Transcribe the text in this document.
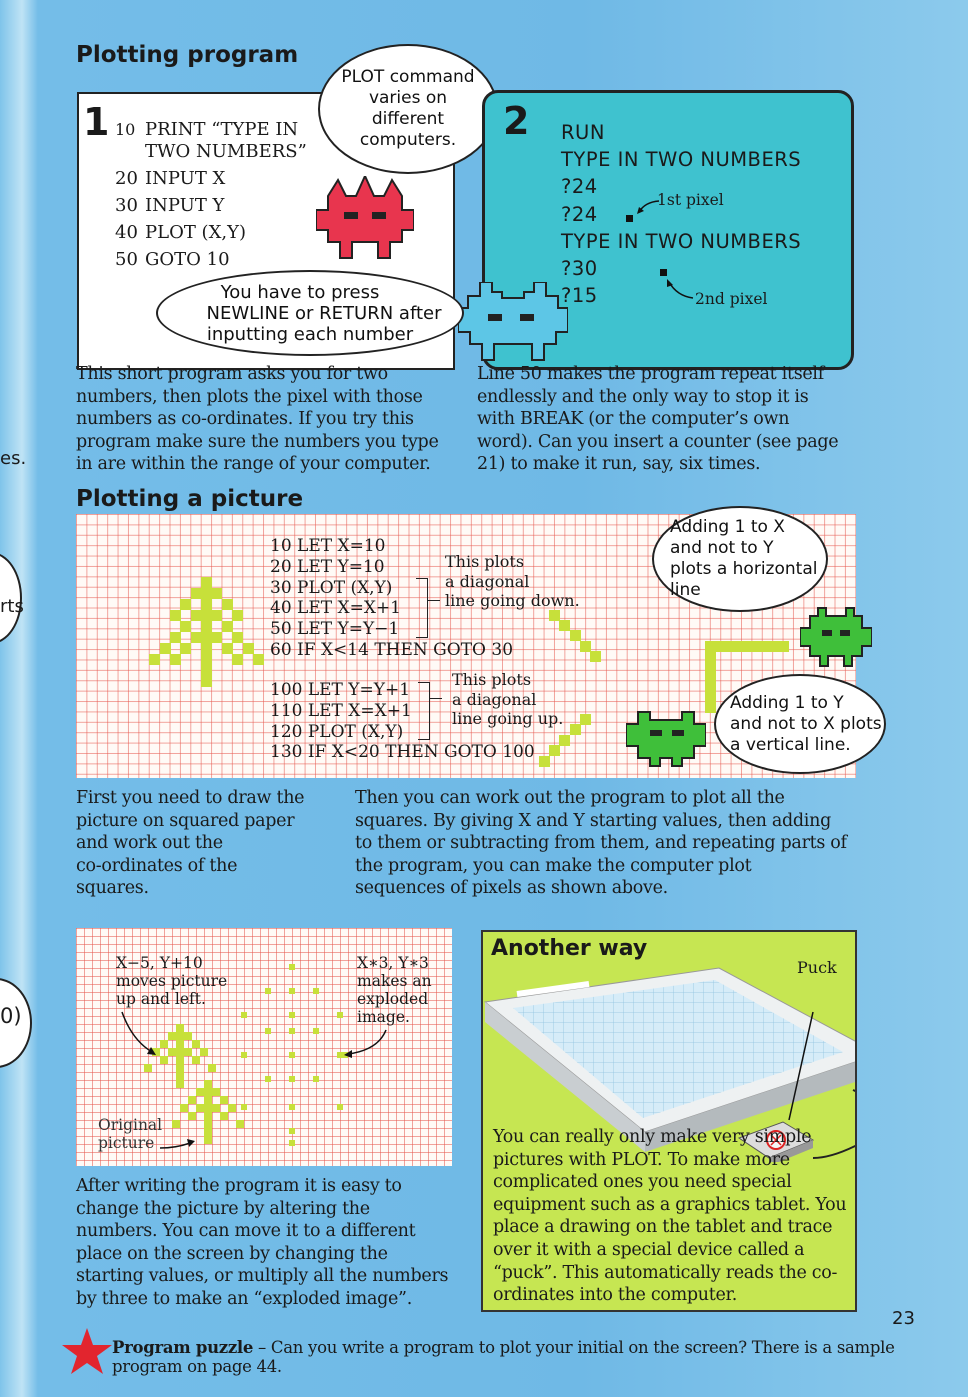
es.
rts
0)
Plotting program
1 10 PRINT “TYPE IN
TWO NUMBERS”
20 INPUT X
30 INPUT Y
40 PLOT (X,Y)
50 GOTO 10
PLOT command
varies on
different
computers. 2 RUN
TYPE IN TWO NUMBERS
?24
?24
TYPE IN TWO NUMBERS
?30
?15
1st pixel
2nd pixel
You have to press
NEWLINE or RETURN after
inputting each number
This short program asks you for two
numbers, then plots the pixel with those
numbers as co-ordinates. If you try this
program make sure the numbers you type
in are within the range of your computer.
Line 50 makes the program repeat itself
endlessly and the only way to stop it is
with BREAK (or the computer’s own
word). Can you insert a counter (see page
21) to make it run, say, six times.
Plotting a picture
10 LET X=10
20 LET Y=10
30 PLOT (X,Y)
40 LET X=X+1
50 LET Y=Y−1
60 IF X<14 THEN GOTO 30
This plots
a diagonal
line going down.
100 LET Y=Y+1
110 LET X=X+1
120 PLOT (X,Y)
130 IF X<20 THEN GOTO 100
This plots
a diagonal
line going up.
Adding 1 to X
and not to Y
plots a horizontal
line
Adding 1 to Y
and not to X plots
a vertical line.
First you need to draw the
picture on squared paper
and work out the
co-ordinates of the
squares.
Then you can work out the program to plot all the
squares. By giving X and Y starting values, then adding
to them or subtracting from them, and repeating parts of
the program, you can make the computer plot
sequences of pixels as shown above.
X−5, Y+10
moves picture
up and left.
X∗3, Y∗3
makes an
exploded
image.
Original
picture
After writing the program it is easy to
change the picture by altering the
numbers. You can move it to a different
place on the screen by changing the
starting values, or multiply all the numbers
by three to make an “exploded image”.
Another way
Puck
You can really only make very simple
pictures with PLOT. To make more
complicated ones you need special
equipment such as a graphics tablet. You
place a drawing on the tablet and trace
over it with a special device called a
“puck”. This automatically reads the co-
ordinates into the computer.
23
Program puzzle – Can you write a program to plot your initial on the screen? There is a sample
program on page 44.
